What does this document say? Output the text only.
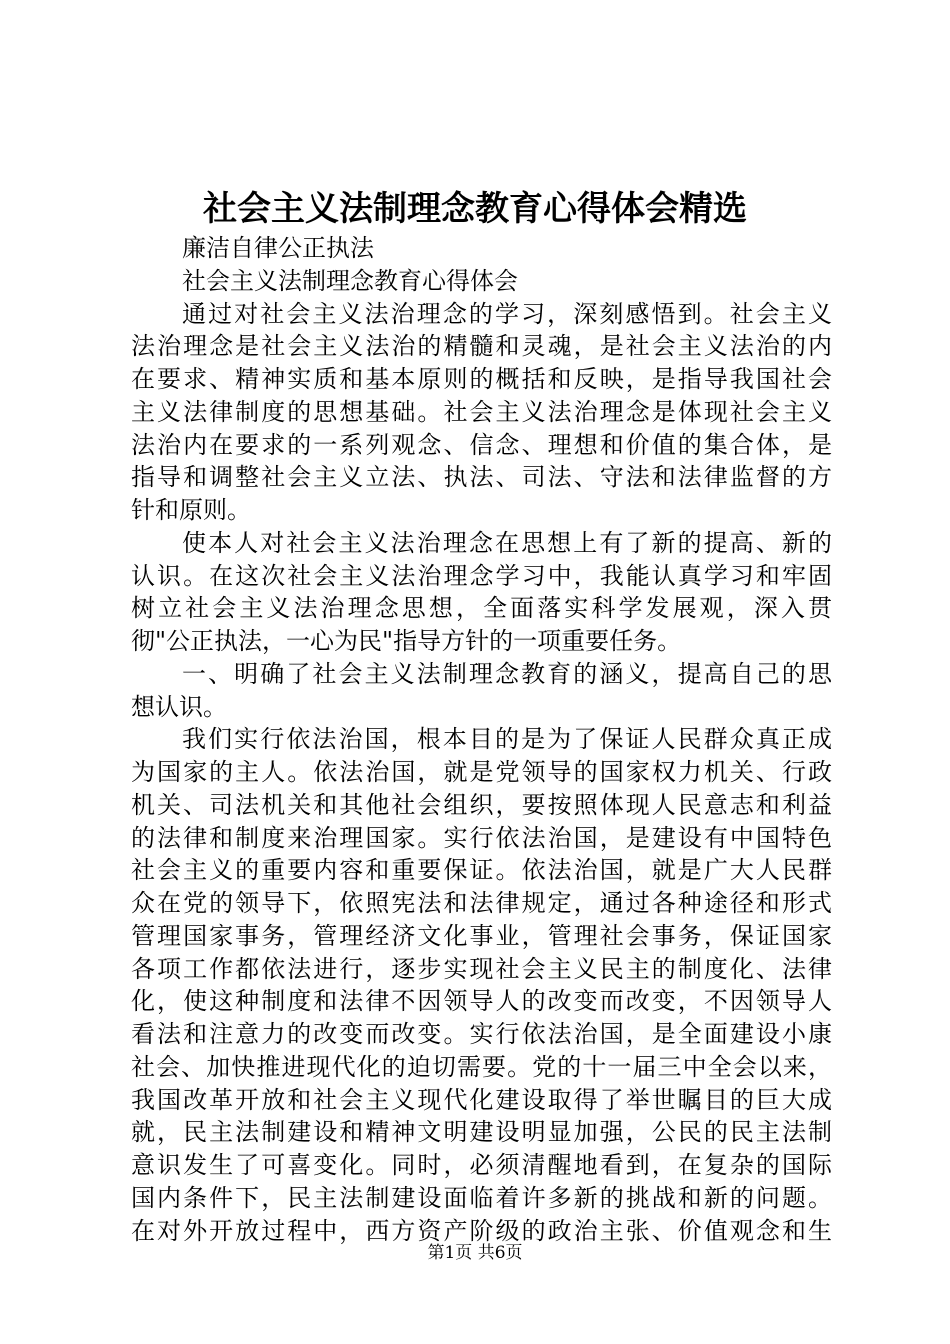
社会主义法制理念教育心得体会精选
廉洁自律公正执法
社会主义法制理念教育心得体会
通过对社会主义法治理念的学习，深刻感悟到。社会主义
法治理念是社会主义法治的精髓和灵魂，是社会主义法治的内
在要求、精神实质和基本原则的概括和反映，是指导我国社会
主义法律制度的思想基础。社会主义法治理念是体现社会主义
法治内在要求的一系列观念、信念、理想和价值的集合体，是
指导和调整社会主义立法、执法、司法、守法和法律监督的方
针和原则。
使本人对社会主义法治理念在思想上有了新的提高、新的
认识。在这次社会主义法治理念学习中，我能认真学习和牢固
树立社会主义法治理念思想，全面落实科学发展观，深入贯
彻"公正执法，一心为民"指导方针的一项重要任务。
一、明确了社会主义法制理念教育的涵义，提高自己的思
想认识。
我们实行依法治国，根本目的是为了保证人民群众真正成
为国家的主人。依法治国，就是党领导的国家权力机关、行政
机关、司法机关和其他社会组织，要按照体现人民意志和利益
的法律和制度来治理国家。实行依法治国，是建设有中国特色
社会主义的重要内容和重要保证。依法治国，就是广大人民群
众在党的领导下，依照宪法和法律规定，通过各种途径和形式
管理国家事务，管理经济文化事业，管理社会事务，保证国家
各项工作都依法进行，逐步实现社会主义民主的制度化、法律
化，使这种制度和法律不因领导人的改变而改变，不因领导人
看法和注意力的改变而改变。实行依法治国，是全面建设小康
社会、加快推进现代化的迫切需要。党的十一届三中全会以来，
我国改革开放和社会主义现代化建设取得了举世瞩目的巨大成
就，民主法制建设和精神文明建设明显加强，公民的民主法制
意识发生了可喜变化。同时，必须清醒地看到，在复杂的国际
国内条件下，民主法制建设面临着许多新的挑战和新的问题。
在对外开放过程中，西方资产阶级的政治主张、价值观念和生
第1页 共6页
